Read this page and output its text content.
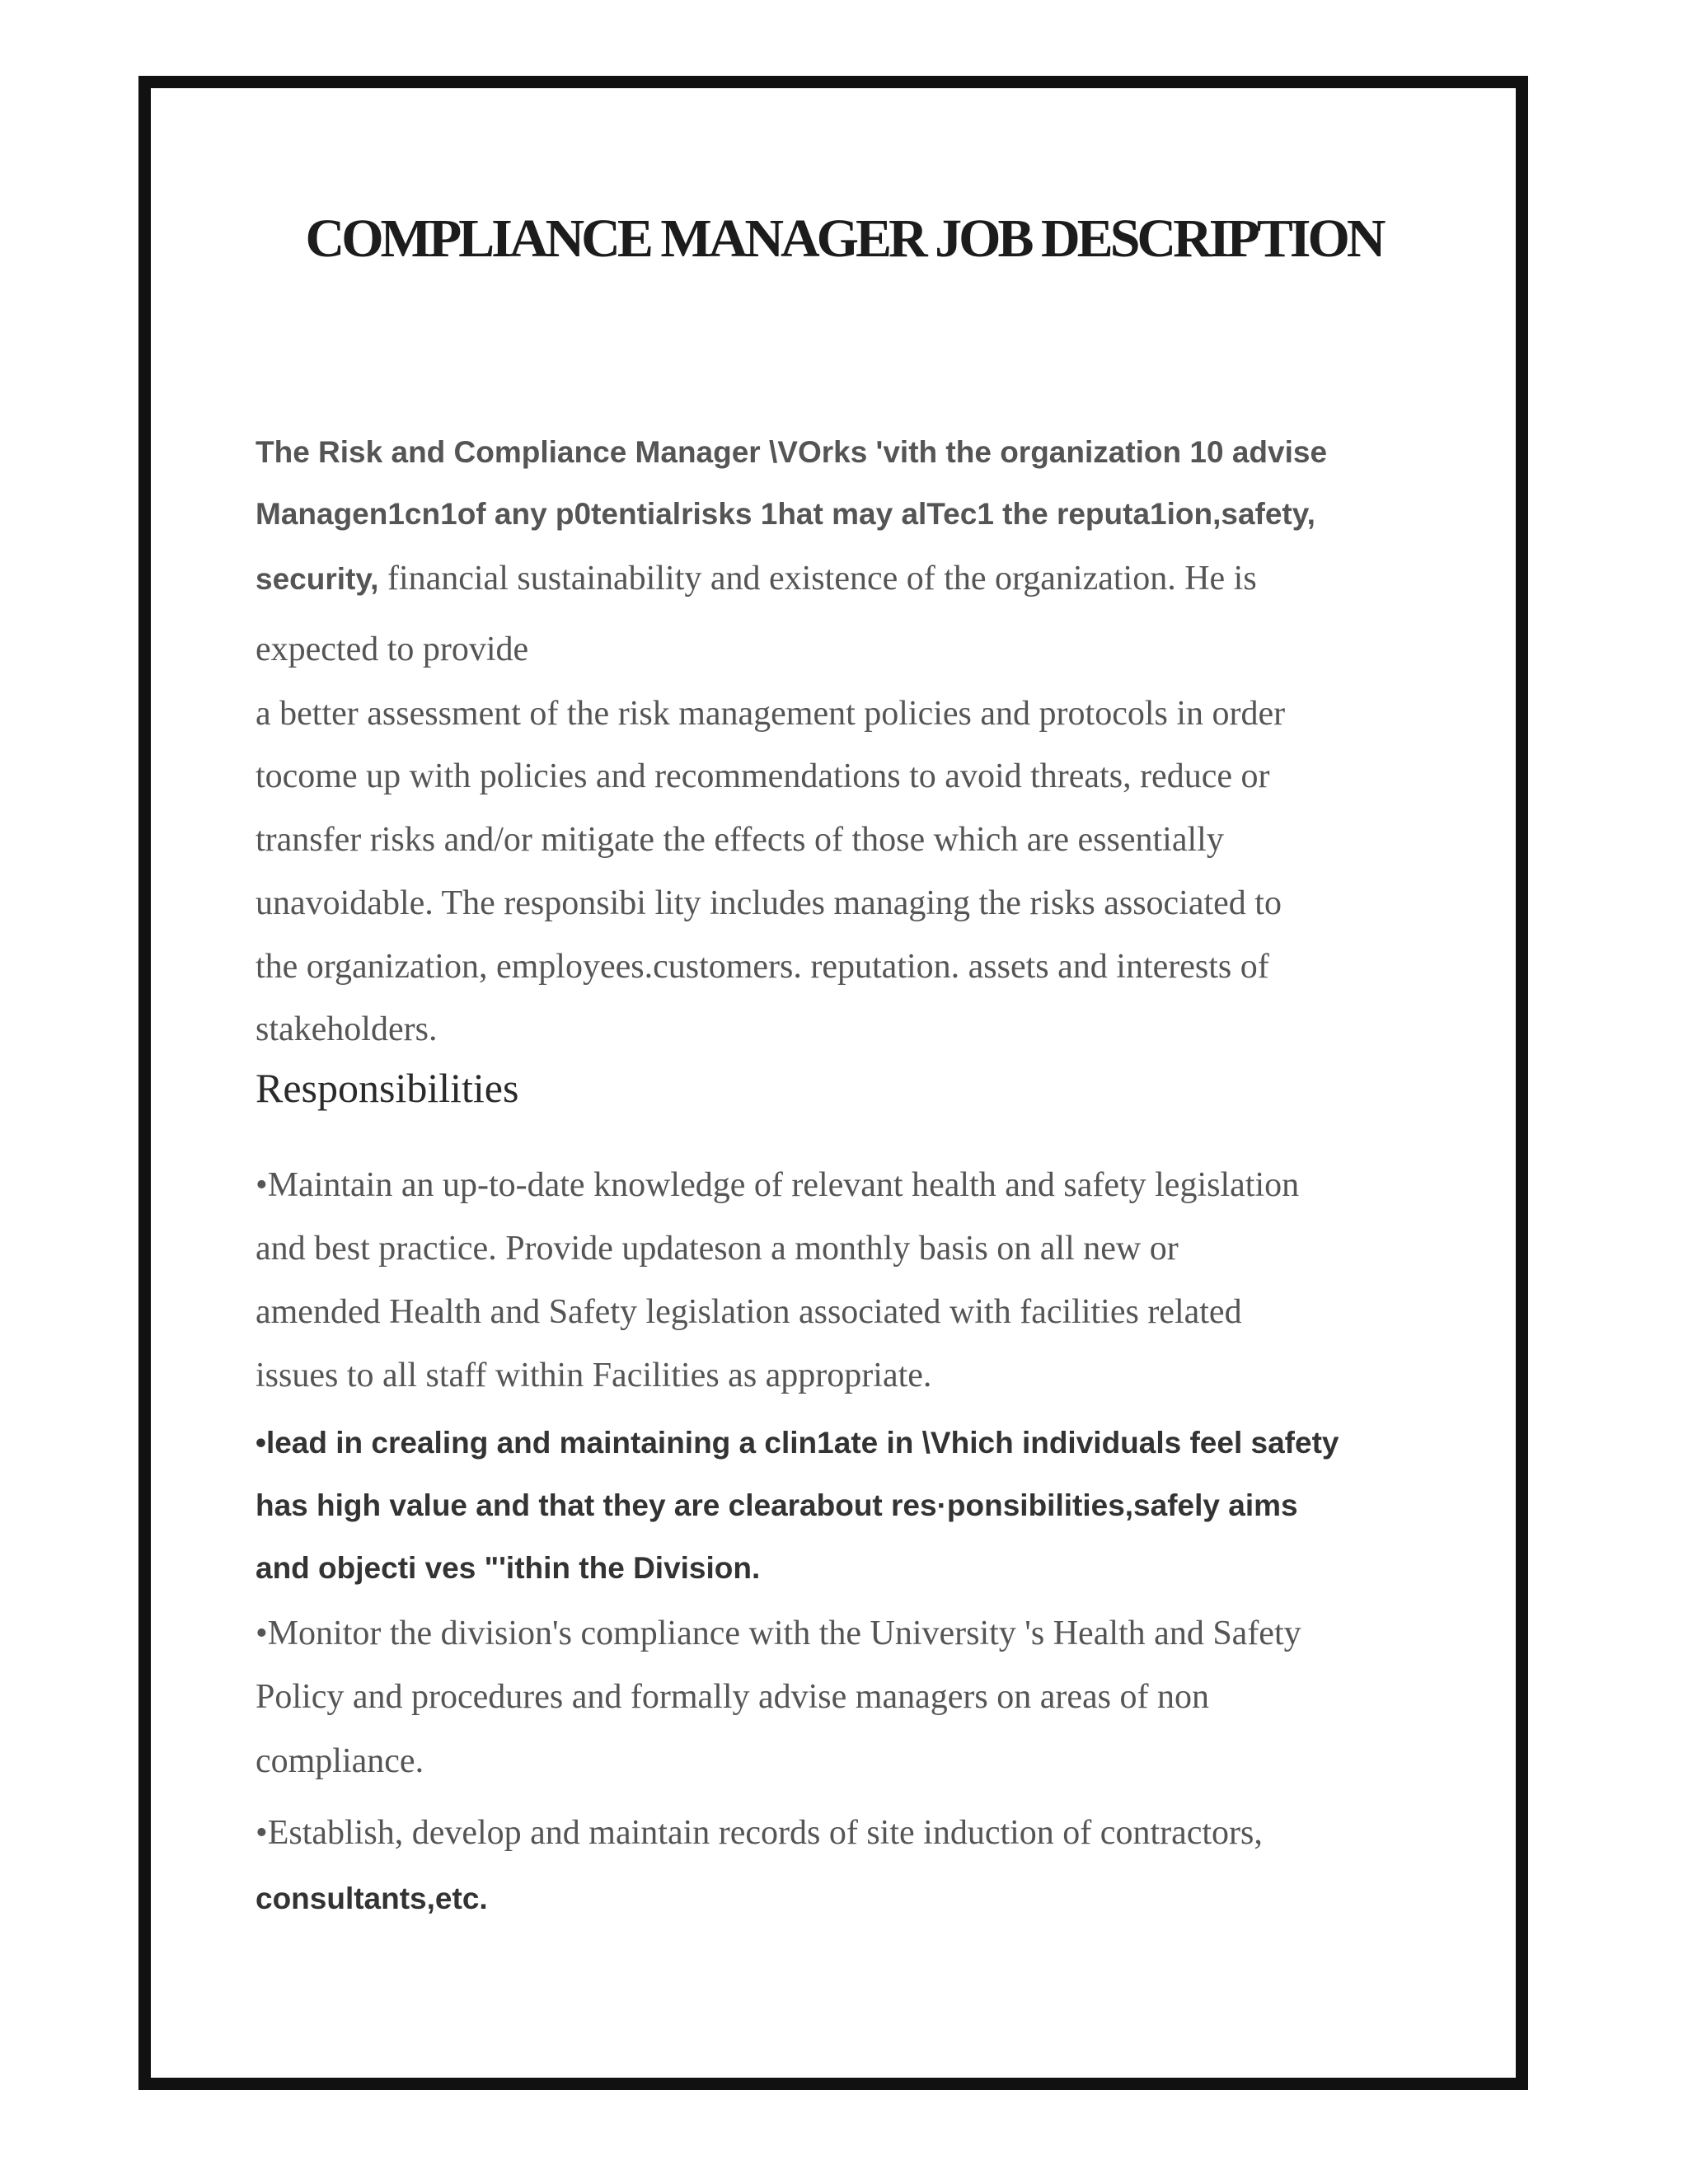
COMPLIANCE MANAGER JOB DESCRIPTION

The Risk and Compliance Manager \VOrks 'vith the organization 10 advise

Managen1cn1of any p0tentialrisks 1hat may alTec1 the reputa1ion,safety,

security, financial sustainability and existence of the organization. He is

expected to provide

a better assessment of the risk management policies and protocols in order

tocome up with policies and recommendations to avoid threats, reduce or

transfer risks and/or mitigate the effects of those which are essentially

unavoidable. The responsibi lity includes managing the risks associated to

the organization, employees.customers. reputation. assets and interests of

stakeholders.

Responsibilities

•Maintain an up-to-date knowledge of relevant health and safety legislation

and best practice. Provide updateson a monthly basis on all new or

amended Health and Safety legislation associated with facilities related

issues to all staff within Facilities as appropriate.

•lead in crealing and maintaining a clin1ate in \Vhich individuals feel safety

has high value and that they are clearabout res·ponsibilities,safely aims

and objecti ves "'ithin the Division.

•Monitor the division's compliance with the University 's Health and Safety

Policy and procedures and formally advise managers on areas of non

compliance.

•Establish, develop and maintain records of site induction of contractors,

consultants,etc.
